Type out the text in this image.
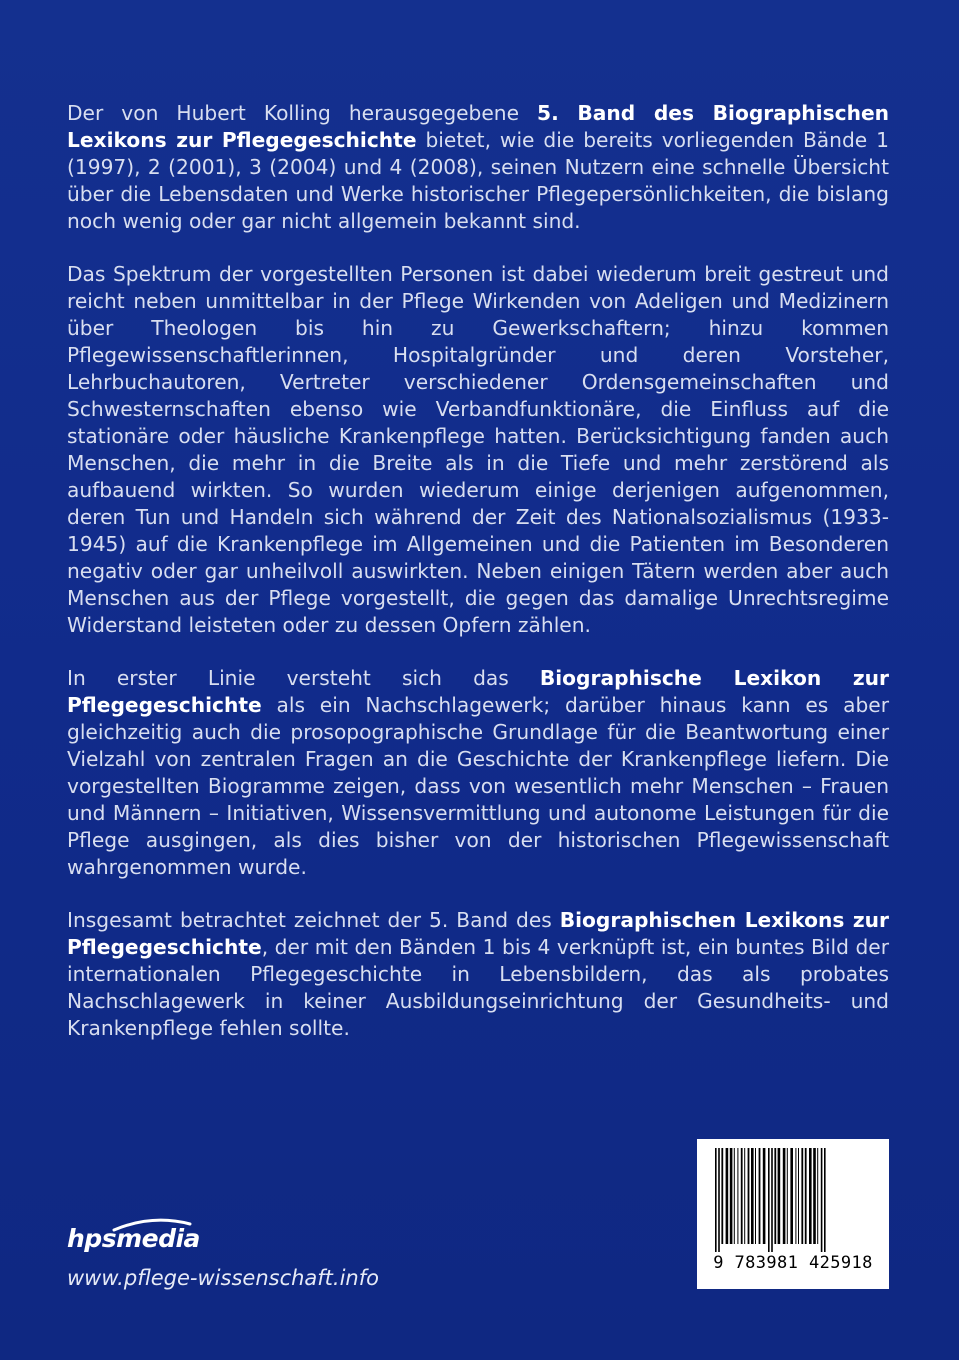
Der von Hubert Kolling herausgegebene 5. Band des Biographischen Lexikons zur Pflegegeschichte bietet, wie die bereits vorliegenden Bände 1 (1997), 2 (2001), 3 (2004) und 4 (2008), seinen Nutzern eine schnelle Übersicht über die Lebensdaten und Werke historischer Pflegepersönlichkeiten, die bislang noch wenig oder gar nicht allgemein bekannt sind.

Das Spektrum der vorgestellten Personen ist dabei wiederum breit gestreut und reicht neben unmittelbar in der Pflege Wirkenden von Adeligen und Medizinern über Theologen bis hin zu Gewerkschaftern; hinzu kommen Pflegewissenschaftlerinnen, Hospitalgründer und deren Vorsteher, Lehrbuchautoren, Vertreter verschiedener Ordensgemeinschaften und Schwesternschaften ebenso wie Verbandfunktionäre, die Einfluss auf die stationäre oder häusliche Krankenpflege hatten. Berücksichtigung fanden auch Menschen, die mehr in die Breite als in die Tiefe und mehr zerstörend als aufbauend wirkten. So wurden wiederum einige derjenigen aufgenommen, deren Tun und Handeln sich während der Zeit des Nationalsozialismus (1933-1945) auf die Krankenpflege im Allgemeinen und die Patienten im Besonderen negativ oder gar unheilvoll auswirkten. Neben einigen Tätern werden aber auch Menschen aus der Pflege vorgestellt, die gegen das damalige Unrechtsregime Widerstand leisteten oder zu dessen Opfern zählen.

In erster Linie versteht sich das Biographische Lexikon zur Pflegegeschichte als ein Nachschlagewerk; darüber hinaus kann es aber gleichzeitig auch die prosopographische Grundlage für die Beantwortung einer Vielzahl von zentralen Fragen an die Geschichte der Krankenpflege liefern. Die vorgestellten Biogramme zeigen, dass von wesentlich mehr Menschen – Frauen und Männern – Initiativen, Wissensvermittlung und autonome Leistungen für die Pflege ausgingen, als dies bisher von der historischen Pflegewissenschaft wahrgenommen wurde.

Insgesamt betrachtet zeichnet der 5. Band des Biographischen Lexikons zur Pflegegeschichte, der mit den Bänden 1 bis 4 verknüpft ist, ein buntes Bild der internationalen Pflegegeschichte in Lebensbildern, das als probates Nachschlagewerk in keiner Ausbildungseinrichtung der Gesundheits- und Krankenpflege fehlen sollte.

hpsmedia
www.pflege-wissenschaft.info
9 783981 425918
